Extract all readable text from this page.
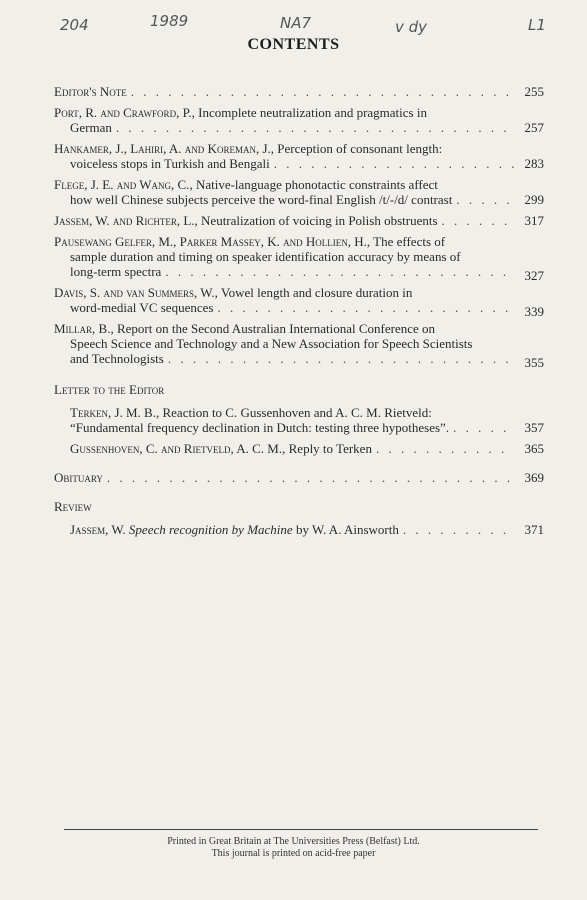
204	1989	NA7	v dy	L1
CONTENTS
Editor's Note . . .	255
Port, R. and Crawford, P., Incomplete neutralization and pragmatics in
German . . .	257
Hankamer, J., Lahiri, A. and Koreman, J., Perception of consonant length:
voiceless stops in Turkish and Bengali . . .	283
Flege, J. E. and Wang, C., Native-language phonotactic constraints affect
how well Chinese subjects perceive the word-final English /t/-/d/ contrast . . .	299
Jassem, W. and Richter, L., Neutralization of voicing in Polish obstruents . . .	317
Pausewang Gelfer, M., Parker Massey, K. and Hollien, H., The effects of
sample duration and timing on speaker identification accuracy by means of
long-term spectra . . .	327
Davis, S. and van Summers, W., Vowel length and closure duration in
word-medial VC sequences . . .	339
Millar, B., Report on the Second Australian International Conference on
Speech Science and Technology and a New Association for Speech Scientists
and Technologists . . .	355
Letter to the Editor
Terken, J. M. B., Reaction to C. Gussenhoven and A. C. M. Rietveld:
“Fundamental frequency declination in Dutch: testing three hypotheses”. . . .	357
Gussenhoven, C. and Rietveld, A. C. M., Reply to Terken . . .	365
Obituary . . .	369
Review
Jassem, W. Speech recognition by Machine by W. A. Ainsworth . . .	371
Printed in Great Britain at The Universities Press (Belfast) Ltd.
This journal is printed on acid-free paper
